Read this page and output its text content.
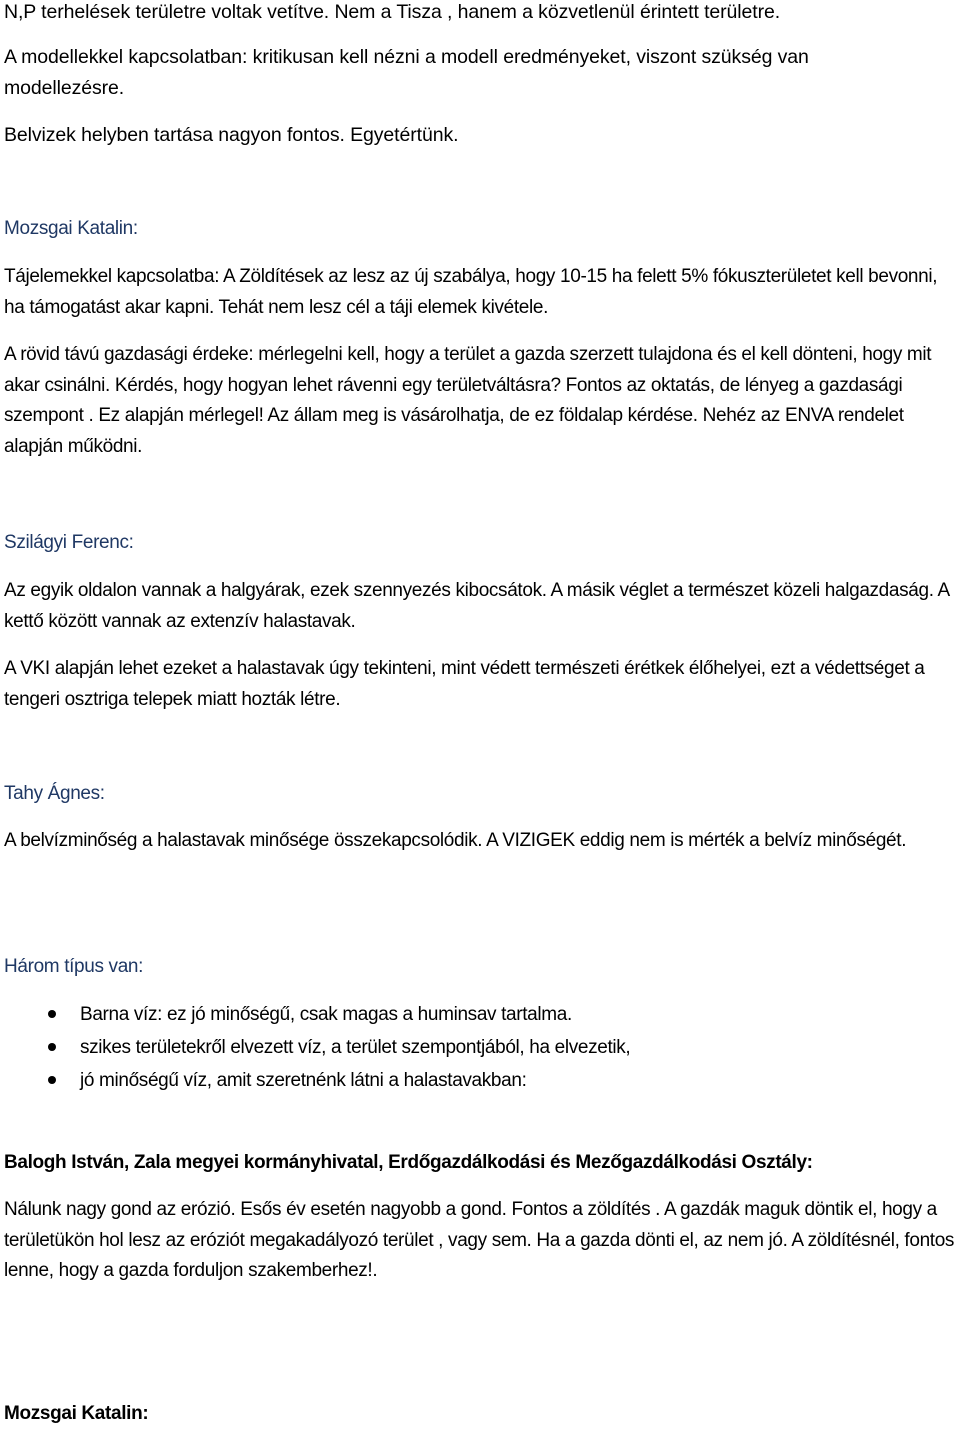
N,P terhelések területre voltak vetítve. Nem a Tisza , hanem a közvetlenül érintett területre.
A modellekkel kapcsolatban: kritikusan kell nézni a modell eredményeket, viszont szükség van modellezésre.
Belvizek helyben tartása nagyon fontos. Egyetértünk.
Mozsgai Katalin:
Tájelemekkel kapcsolatba: A Zöldítések az lesz az új szabálya, hogy 10-15 ha felett 5% fókuszterületet kell bevonni, ha támogatást akar kapni. Tehát nem lesz cél a táji elemek kivétele.
A rövid távú gazdasági érdeke: mérlegelni kell, hogy a terület a gazda szerzett tulajdona és el kell dönteni, hogy mit akar csinálni. Kérdés, hogy hogyan lehet rávenni egy területváltásra? Fontos az oktatás, de lényeg a gazdasági szempont . Ez alapján mérlegel! Az állam meg is vásárolhatja, de ez földalap kérdése. Nehéz az ENVA rendelet alapján működni.
Szilágyi Ferenc:
Az egyik oldalon vannak a halgyárak, ezek szennyezés kibocsátok. A másik véglet a természet közeli halgazdaság. A kettő között vannak az extenzív halastavak.
A VKI alapján lehet ezeket a halastavak úgy tekinteni, mint védett természeti érétkek élőhelyei, ezt a védettséget a tengeri osztriga telepek miatt hozták létre.
Tahy Ágnes:
A belvízminőség a halastavak minősége összekapcsolódik. A VIZIGEK eddig nem is mérték a belvíz minőségét.
Három típus van:
Barna víz: ez jó minőségű, csak magas a huminsav tartalma.
szikes területekről elvezett víz, a terület szempontjából, ha elvezetik,
jó minőségű víz, amit szeretnénk látni a halastavakban:
Balogh István, Zala megyei kormányhivatal, Erdőgazdálkodási és Mezőgazdálkodási Osztály:
Nálunk nagy gond az erózió. Esős év esetén nagyobb a gond. Fontos a zöldítés . A gazdák maguk döntik el, hogy a területükön hol lesz az eróziót megakadályozó terület , vagy sem. Ha a gazda dönti el, az nem jó. A zöldítésnél, fontos lenne, hogy a gazda forduljon szakemberhez!.
Mozsgai Katalin:
